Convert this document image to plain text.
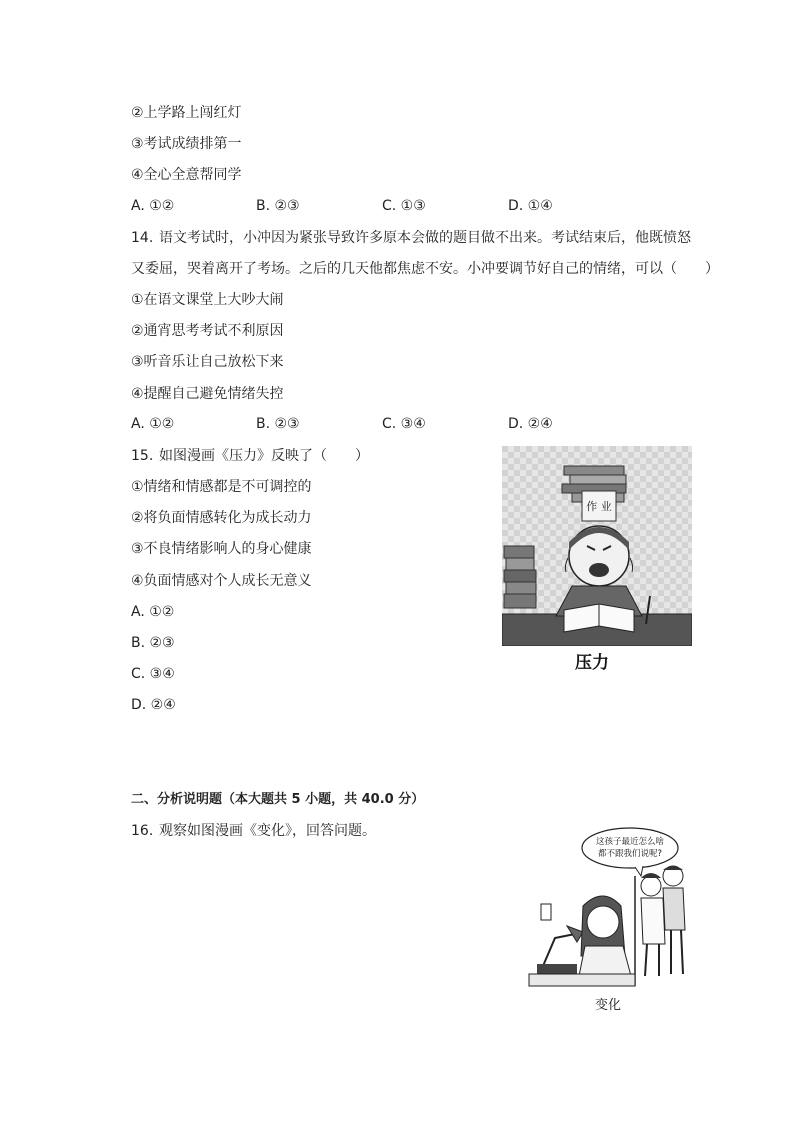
②上学路上闯红灯
③考试成绩排第一
④全心全意帮同学
A. ①②	B. ②③	C. ①③	D. ①④
14. 语文考试时，小冲因为紧张导致许多原本会做的题目做不出来。考试结束后，他既愤怒
又委屈，哭着离开了考场。之后的几天他都焦虑不安。小冲要调节好自己的情绪，可以（　　）
①在语文课堂上大吵大闹
②通宵思考考试不利原因
③听音乐让自己放松下来
④提醒自己避免情绪失控
A. ①②	B. ②③	C. ③④	D. ②④
15. 如图漫画《压力》反映了（　　）
①情绪和情感都是不可调控的
②将负面情感转化为成长动力
③不良情绪影响人的身心健康
④负面情感对个人成长无意义
A. ①②
B. ②③
C. ③④
D. ②④
作 业
压力
二、分析说明题（本大题共 5 小题，共 40.0 分）
16. 观察如图漫画《变化》，回答问题。
这孩子最近怎么啥
都不跟我们说呢?
变化
